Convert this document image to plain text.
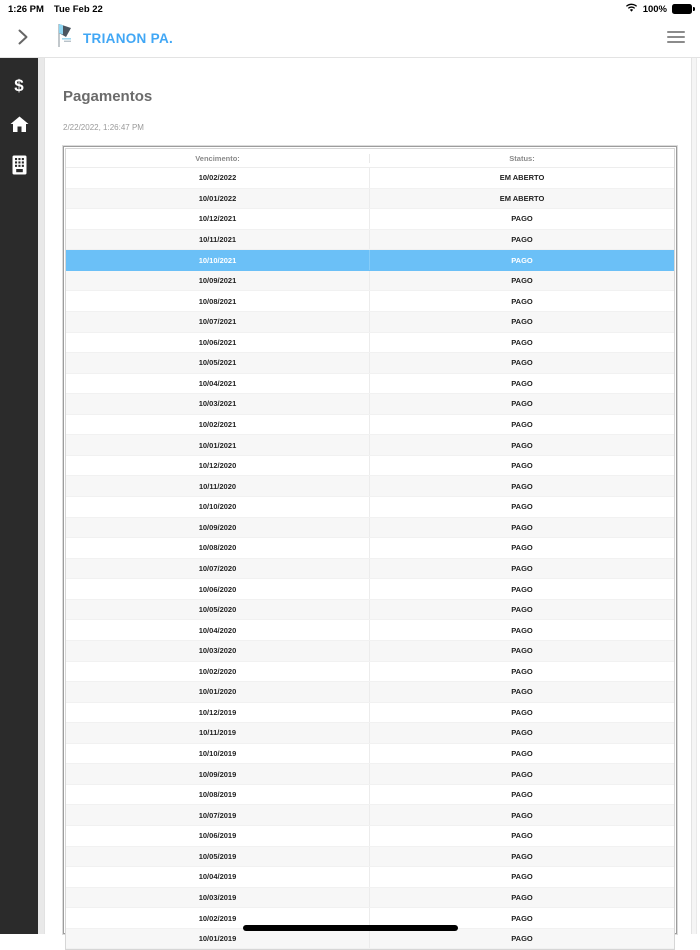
1:26 PM Tue Feb 22	100%
TRIANON PA.
$
Pagamentos
2/22/2022, 1:26:47 PM
Vencimento:	Status:
10/02/2022	EM ABERTO
10/01/2022	EM ABERTO
10/12/2021	PAGO
10/11/2021	PAGO
10/10/2021	PAGO
10/09/2021	PAGO
10/08/2021	PAGO
10/07/2021	PAGO
10/06/2021	PAGO
10/05/2021	PAGO
10/04/2021	PAGO
10/03/2021	PAGO
10/02/2021	PAGO
10/01/2021	PAGO
10/12/2020	PAGO
10/11/2020	PAGO
10/10/2020	PAGO
10/09/2020	PAGO
10/08/2020	PAGO
10/07/2020	PAGO
10/06/2020	PAGO
10/05/2020	PAGO
10/04/2020	PAGO
10/03/2020	PAGO
10/02/2020	PAGO
10/01/2020	PAGO
10/12/2019	PAGO
10/11/2019	PAGO
10/10/2019	PAGO
10/09/2019	PAGO
10/08/2019	PAGO
10/07/2019	PAGO
10/06/2019	PAGO
10/05/2019	PAGO
10/04/2019	PAGO
10/03/2019	PAGO
10/02/2019	PAGO
10/01/2019	PAGO
